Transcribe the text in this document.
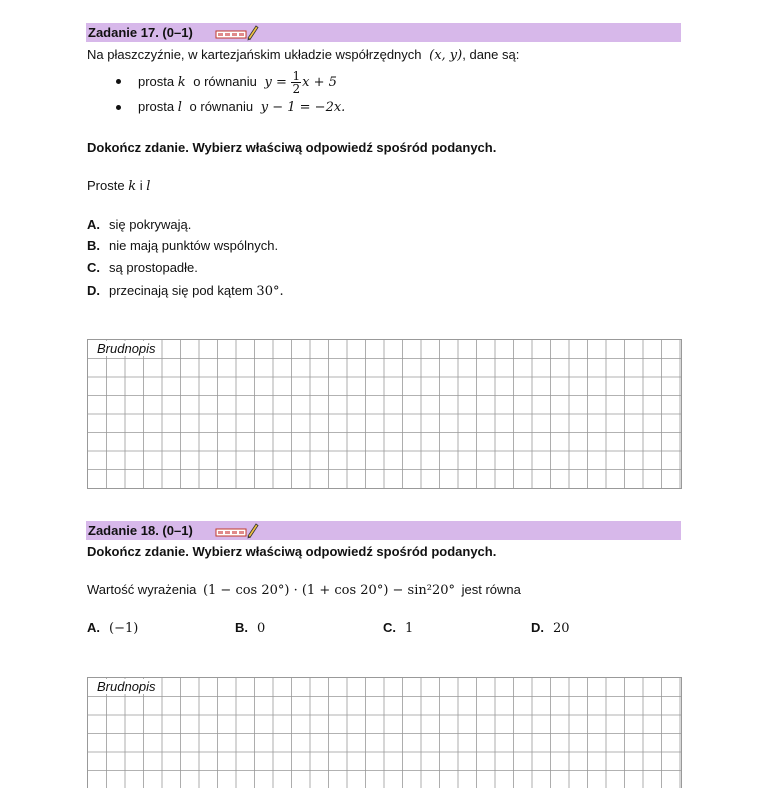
Zadanie 17. (0–1)
Na płaszczyźnie, w kartezjańskim układzie współrzędnych (x, y), dane są:
prosta k o równaniu $y = \frac{1}{2}$ x + 5
prosta l o równaniu y − 1 = −2x.
Dokończ zdanie. Wybierz właściwą odpowiedź spośród podanych.
Proste k i l
A. się pokrywają.
B. nie mają punktów wspólnych.
C. są prostopadłe.
D. przecinają się pod kątem 30°.
Brudnopis
Zadanie 18. (0–1)
Dokończ zdanie. Wybierz właściwą odpowiedź spośród podanych.
Wartość wyrażenia (1 − cos 20°) · (1 + cos 20°) − sin²20° jest równa
A. (−1)	B. 0	C. 1	D. 20
Brudnopis
